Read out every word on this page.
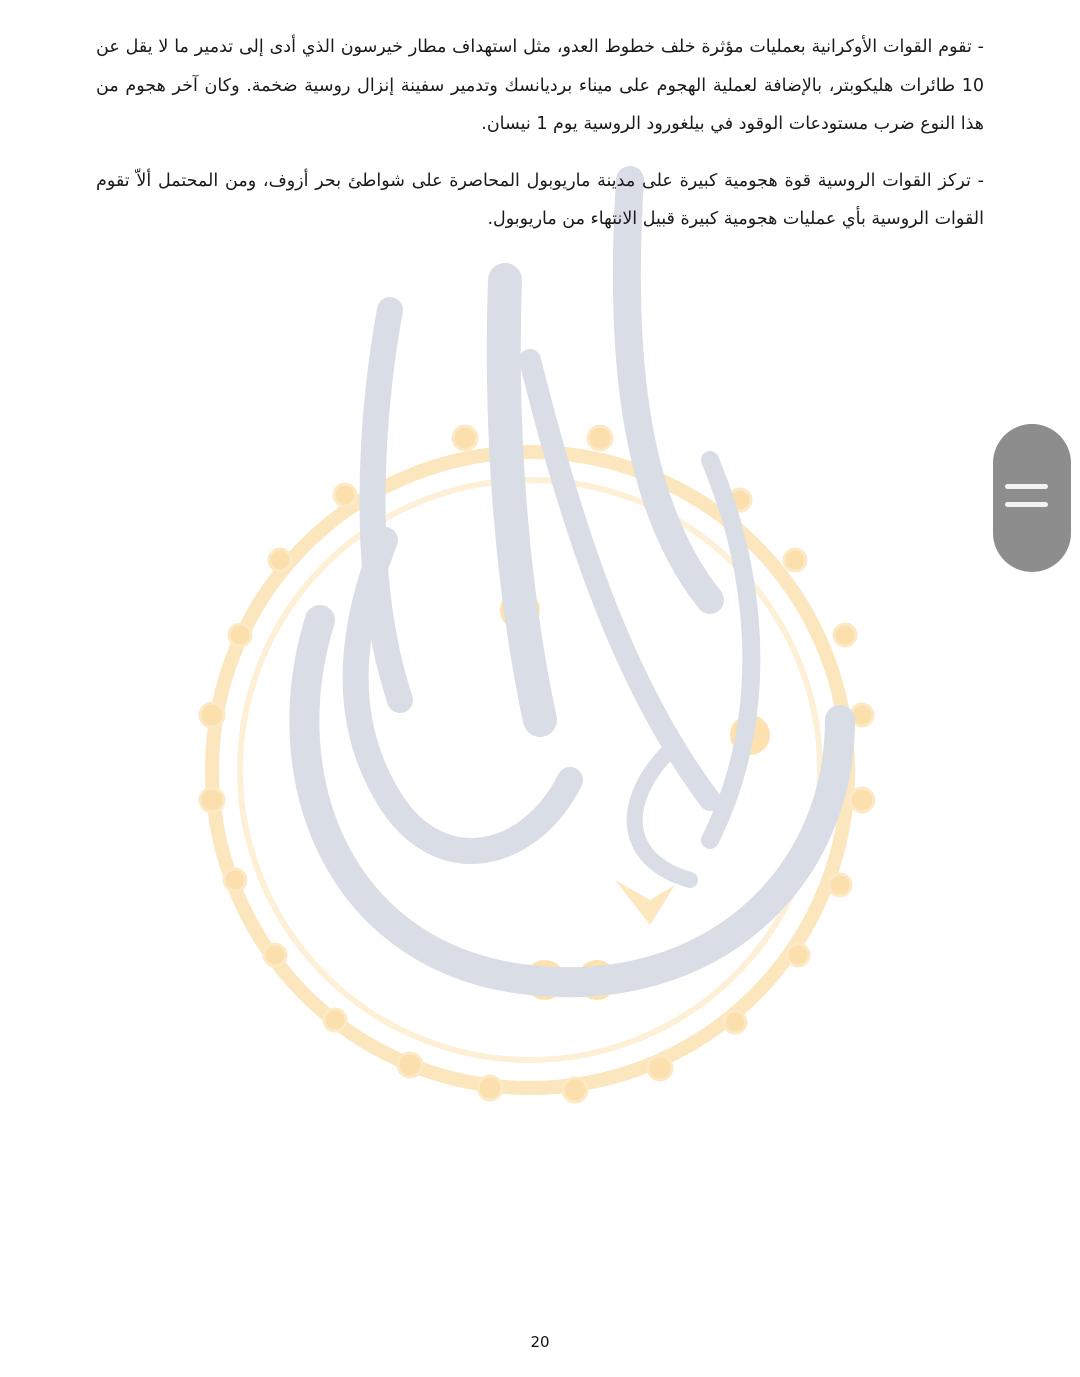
- تقوم القوات الأوكرانية بعمليات مؤثرة خلف خطوط العدو، مثل استهداف مطار خيرسون الذي أدى إلى تدمير ما لا يقل عن 10 طائرات هليكوبتر، بالإضافة لعملية الهجوم على ميناء بردیانسك وتدمير سفينة إنزال روسية ضخمة. وكان آخر هجوم من هذا النوع ضرب مستودعات الوقود في بيلغورود الروسية يوم 1 نيسان.

- تركز القوات الروسية قوة هجومية كبيرة على مدينة ماريوبول المحاصرة على شواطئ بحر أزوف، ومن المحتمل ألاّ تقوم القوات الروسية بأي عمليات هجومية كبيرة قبيل الانتهاء من ماريوبول.

20
